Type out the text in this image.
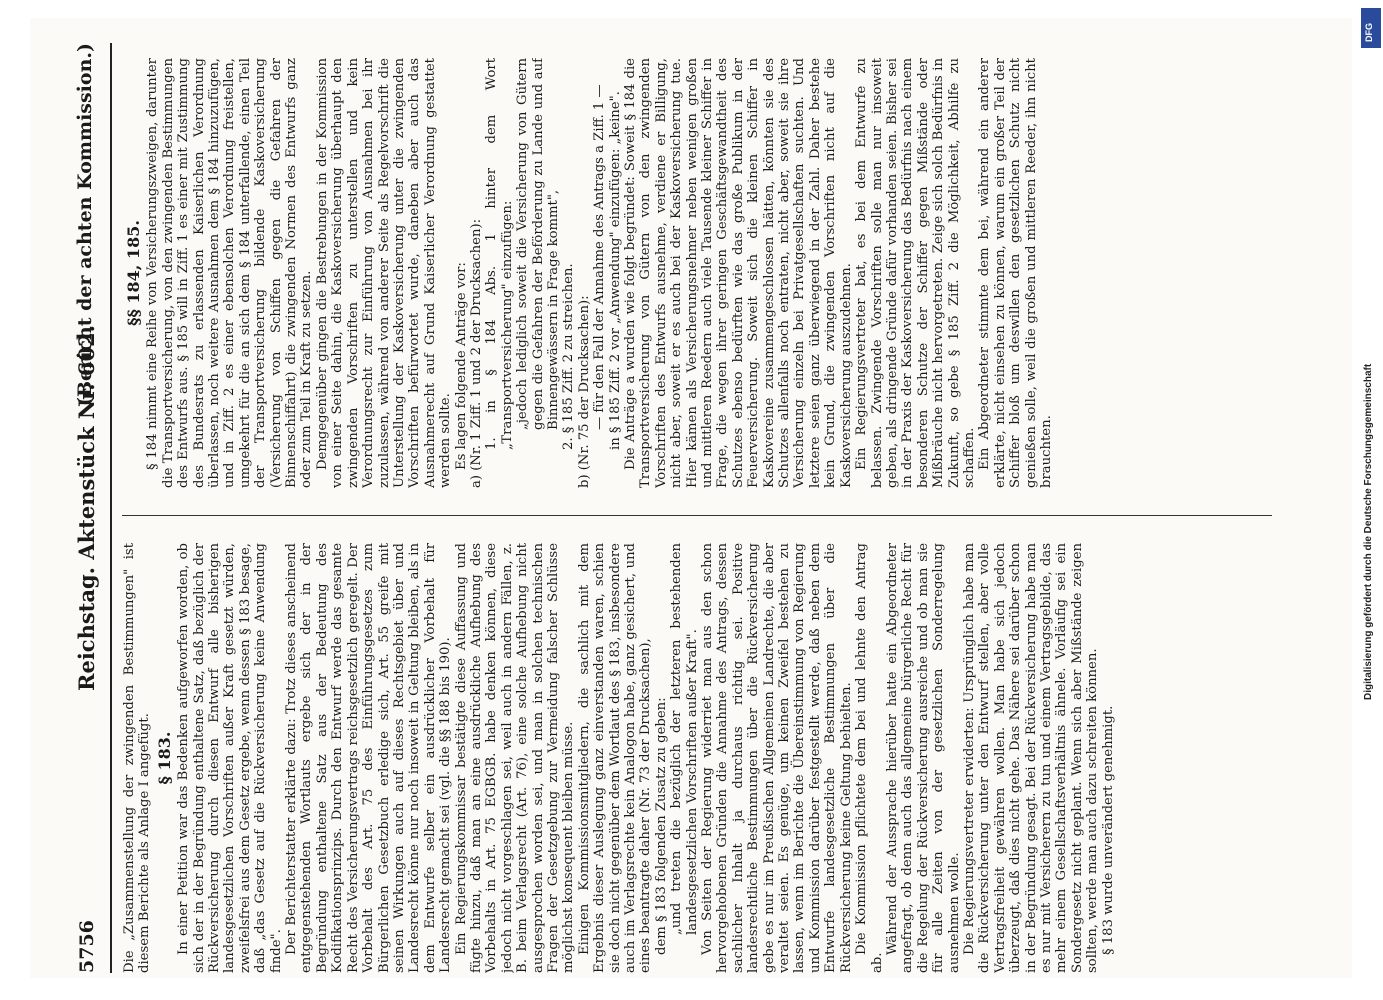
5756
Reichstag. Aktenstück Nr. 602.
(Bericht der achten Kommission.)

Die „Zusammenstellung der zwingenden Bestimmungen" ist diesem Berichte als Anlage I angefügt. § 183. In einer Petition war das Bedenken aufgeworfen worden, ob sich der in der Begründung enthaltene Satz, daß bezüglich der Rückversicherung durch diesen Entwurf alle bisherigen landesgesetzlichen Vorschriften außer Kraft gesetzt würden, zweifelsfrei aus dem Gesetz ergebe, wenn dessen § 183 besage, daß „das Gesetz auf die Rückversicherung keine Anwendung finde". Der Berichterstatter erklärte dazu: Trotz dieses anscheinend entgegenstehenden Wortlauts ergebe sich der in der Begründung enthaltene Satz aus der Bedeutung des Kodifikationsprinzips. Durch den Entwurf werde das gesamte Recht des Versicherungsvertrags reichsgesetzlich geregelt. Der Vorbehalt des Art. 75 des Einführungsgesetzes zum Bürgerlichen Gesetzbuch erledige sich, Art. 55 greife mit seinen Wirkungen auch auf dieses Rechtsgebiet über und Landesrecht könne nur noch insoweit in Geltung bleiben, als in dem Entwurfe selber ein ausdrücklicher Vorbehalt für Landesrecht gemacht sei (vgl. die §§ 188 bis 190). Ein Regierungskommissar bestätigte diese Auffassung und fügte hinzu, daß man an eine ausdrückliche Aufhebung des Vorbehalts in Art. 75 EGBGB. habe denken können, diese jedoch nicht vorgeschlagen sei, weil auch in andern Fällen, z. B. beim Verlagsrecht (Art. 76), eine solche Aufhebung nicht ausgesprochen worden sei, und man in solchen technischen Fragen der Gesetzgebung zur Vermeidung falscher Schlüsse möglichst konsequent bleiben müsse. Einigen Kommissionsmitgliedern, die sachlich mit dem Ergebnis dieser Auslegung ganz einverstanden waren, schien sie doch nicht gegenüber dem Wortlaut des § 183, insbesondere auch im Verlagsrechte kein Analogon habe, ganz gesichert, und eines beantragte daher (Nr. 73 der Drucksachen), dem § 183 folgenden Zusatz zu geben: „und treten die bezüglich der letzteren bestehenden landesgesetzlichen Vorschriften außer Kraft". Von Seiten der Regierung widerriet man aus den schon hervorgehobenen Gründen die Annahme des Antrags, dessen sachlicher Inhalt ja durchaus richtig sei. Positive landesrechtliche Bestimmungen über die Rückversicherung gebe es nur im Preußischen Allgemeinen Landrechte, die aber veraltet seien. Es genüge, um keinen Zweifel bestehen zu lassen, wenn im Berichte die Übereinstimmung von Regierung und Kommission darüber festgestellt werde, daß neben dem Entwurfe landesgesetzliche Bestimmungen über die Rückversicherung keine Geltung behielten. Die Kommission pflichtete dem bei und lehnte den Antrag ab.

Während der Aussprache hierüber hatte ein Abgeordneter angefragt, ob denn auch das allgemeine bürgerliche Recht für die Regelung der Rückversicherung ausreiche und ob man sie für alle Zeiten von der gesetzlichen Sonderregelung ausnehmen wolle. Die Regierungsvertreter erwiderten: Ursprünglich habe man die Rückversicherung unter den Entwurf stellen, aber volle Vertragsfreiheit gewähren wollen. Man habe sich jedoch überzeugt, daß dies nicht gehe. Das Nähere sei darüber schon in der Begründung gesagt. Bei der Rückversicherung habe man es nur mit Versicherern zu tun und einem Vertragsgebilde, das mehr einem Gesellschaftsverhältnis ähnele. Vorläufig sei ein Sondergesetz nicht geplant. Wenn sich aber Mißstände zeigen sollten, werde man auch dazu schreiten können. § 183 wurde unverändert genehmigt.

§§ 184, 185. § 184 nimmt eine Reihe von Versicherungszweigen, darunter die Transportversicherung, von den zwingenden Bestimmungen des Entwurfs aus. § 185 will in Ziff. 1 es einer mit Zustimmung des Bundesrats zu erlassenden Kaiserlichen Verordnung überlassen, noch weitere Ausnahmen dem § 184 hinzuzufügen, und in Ziff. 2 es einer ebensolchen Verordnung freistellen, umgekehrt für die an sich dem § 184 unterfallende, einen Teil der Transportversicherung bildende Kaskoversicherung (Versicherung von Schiffen gegen die Gefahren der Binnenschiffahrt) die zwingenden Normen des Entwurfs ganz oder zum Teil in Kraft zu setzen. Demgegenüber gingen die Bestrebungen in der Kommission von einer Seite dahin, die Kaskoversicherung überhaupt den zwingenden Vorschriften zu unterstellen und kein Verordnungsrecht zur Einführung von Ausnahmen bei ihr zuzulassen, während von anderer Seite als Regelvorschrift die Unterstellung der Kaskoversicherung unter die zwingenden Vorschriften befürwortet wurde, daneben aber auch das Ausnahmerecht auf Grund Kaiserlicher Verordnung gestattet werden sollte. Es lagen folgende Anträge vor: a) (Nr. 1 Ziff. 1 und 2 der Drucksachen): 1. in § 184 Abs. 1 hinter dem Wort „Transportversicherung" einzufügen: „jedoch lediglich soweit die Versicherung von Gütern gegen die Gefahren der Beförderung zu Lande und auf Binnengewässern in Frage kommt", 2. § 185 Ziff. 2 zu streichen. b) (Nr. 75 der Drucksachen): — für den Fall der Annahme des Antrags a Ziff. 1 — in § 185 Ziff. 2 vor „Anwendung" einzufügen: „keine". Die Anträge a wurden wie folgt begründet: Soweit § 184 die Transportversicherung von Gütern von den zwingenden Vorschriften des Entwurfs ausnehme, verdiene er Billigung, nicht aber, soweit er es auch bei der Kaskoversicherung tue. Hier kämen als Versicherungsnehmer neben wenigen großen und mittleren Reedern auch viele Tausende kleiner Schiffer in Frage, die wegen ihrer geringen Geschäftsgewandtheit des Schutzes ebenso bedürften wie das große Publikum in der Feuerversicherung. Soweit sich die kleinen Schiffer in Kaskovereine zusammengeschlossen hätten, könnten sie des Schutzes allenfalls noch entraten, nicht aber, soweit sie ihre Versicherung einzeln bei Privatgesellschaften suchten. Und letztere seien ganz überwiegend in der Zahl. Daher bestehe kein Grund, die zwingenden Vorschriften nicht auf die Kaskoversicherung auszudehnen. Ein Regierungsvertreter bat, es bei dem Entwurfe zu belassen. Zwingende Vorschriften solle man nur insoweit geben, als dringende Gründe dafür vorhanden seien. Bisher sei in der Praxis der Kaskoversicherung das Bedürfnis nach einem besonderen Schutze der Schiffer gegen Mißstände oder Mißbräuche nicht hervorgetreten. Zeige sich solch Bedürfnis in Zukunft, so gebe § 185 Ziff. 2 die Möglichkeit, Abhilfe zu schaffen. Ein Abgeordneter stimmte dem bei, während ein anderer erklärte, nicht einsehen zu können, warum ein großer Teil der Schiffer bloß um deswillen den gesetzlichen Schutz nicht genießen solle, weil die großen und mittleren Reeder, ihn nicht brauchten.

DFG
Digitalisierung gefördert durch die Deutsche Forschungsgemeinschaft
